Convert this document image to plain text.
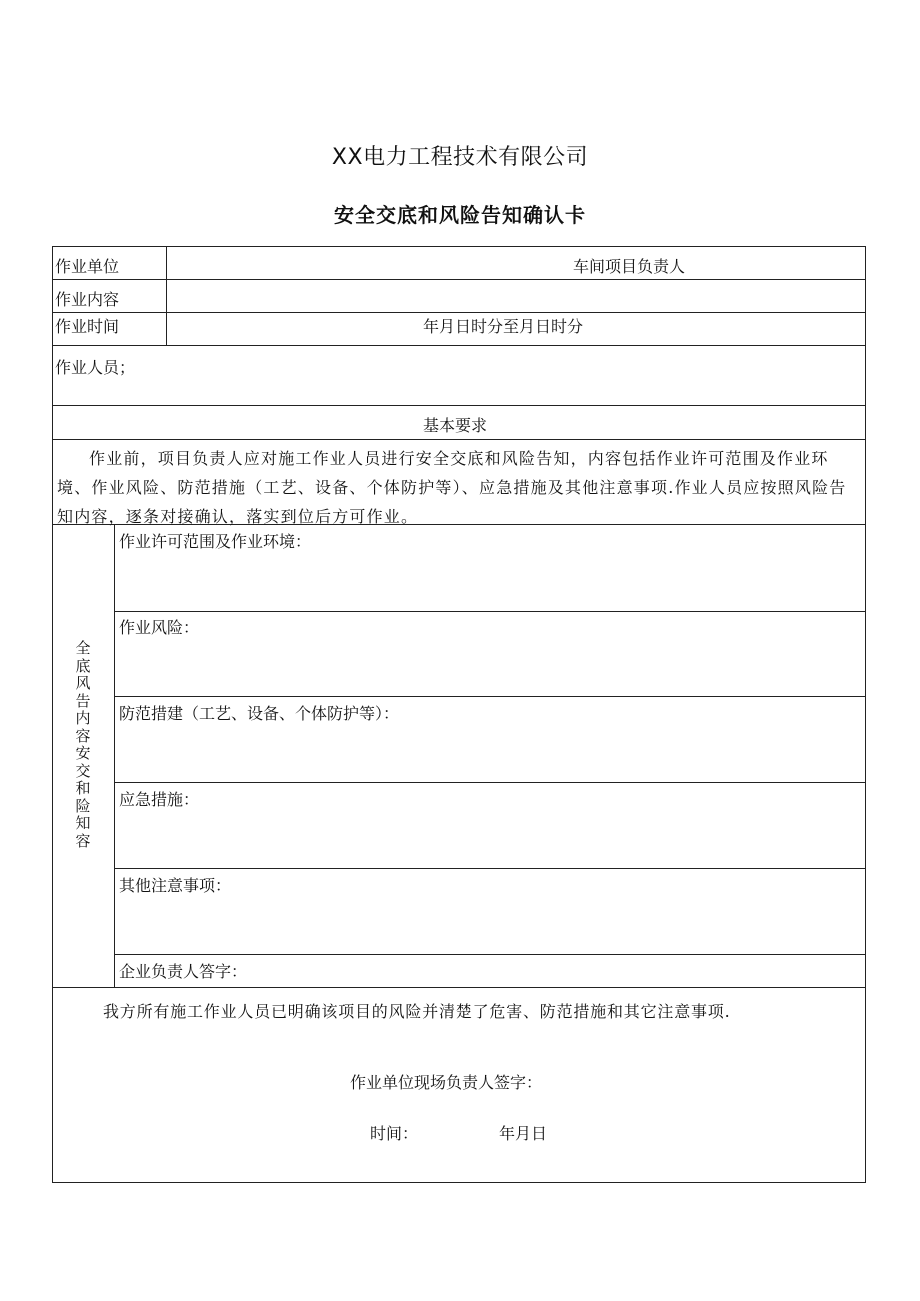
XX电力工程技术有限公司
安全交底和风险告知确认卡
作业单位	车间项目负责人
作业内容
作业时间	年月日时分至月日时分
作业人员；
基本要求
作业前，项目负责人应对施工作业人员进行安全交底和风险告知，内容包括作业许可范围及作业环境、作业风险、防范措施（工艺、设备、个体防护等）、应急措施及其他注意事项.作业人员应按照风险告知内容，逐条对接确认，落实到位后方可作业。
全
底
风
告
内
容
安
交
和
险
知
容
作业许可范围及作业环境：
作业风险：
防范措建（工艺、设备、个体防护等）：
应急措施：
其他注意事项：
企业负责人答字：
我方所有施工作业人员已明确该项目的风险并清楚了危害、防范措施和其它注意事项.
作业单位现场负责人签字：
时间：	年月日
